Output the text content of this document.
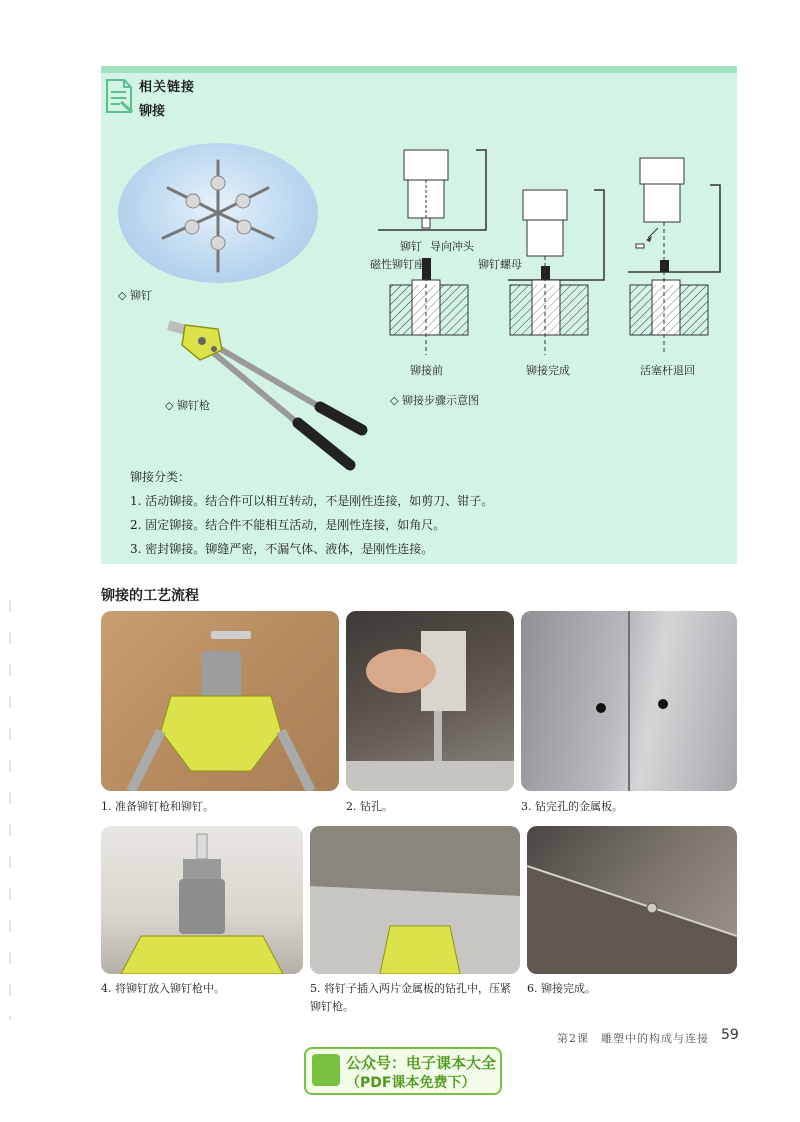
相关链接
铆接
◇ 铆钉
◇ 铆钉枪
铆钉 导向冲头
磁性铆钉座	铆钉螺母
铆接前	铆接完成	活塞杆退回
◇ 铆接步骤示意图
铆接分类：
1. 活动铆接。结合件可以相互转动，不是刚性连接，如剪刀、钳子。
2. 固定铆接。结合件不能相互活动，是刚性连接，如角尺。
3. 密封铆接。铆缝严密，不漏气体、液体，是刚性连接。
铆接的工艺流程
1. 准备铆钉枪和铆钉。	2. 钻孔。	3. 钻完孔的金属板。
4. 将铆钉放入铆钉枪中。	5. 将钉子插入两片金属板的钻孔中，压紧
铆钉枪。
6. 铆接完成。
第2课　雕塑中的构成与连接 59
公众号：电子课本大全
（PDF课本免费下）
